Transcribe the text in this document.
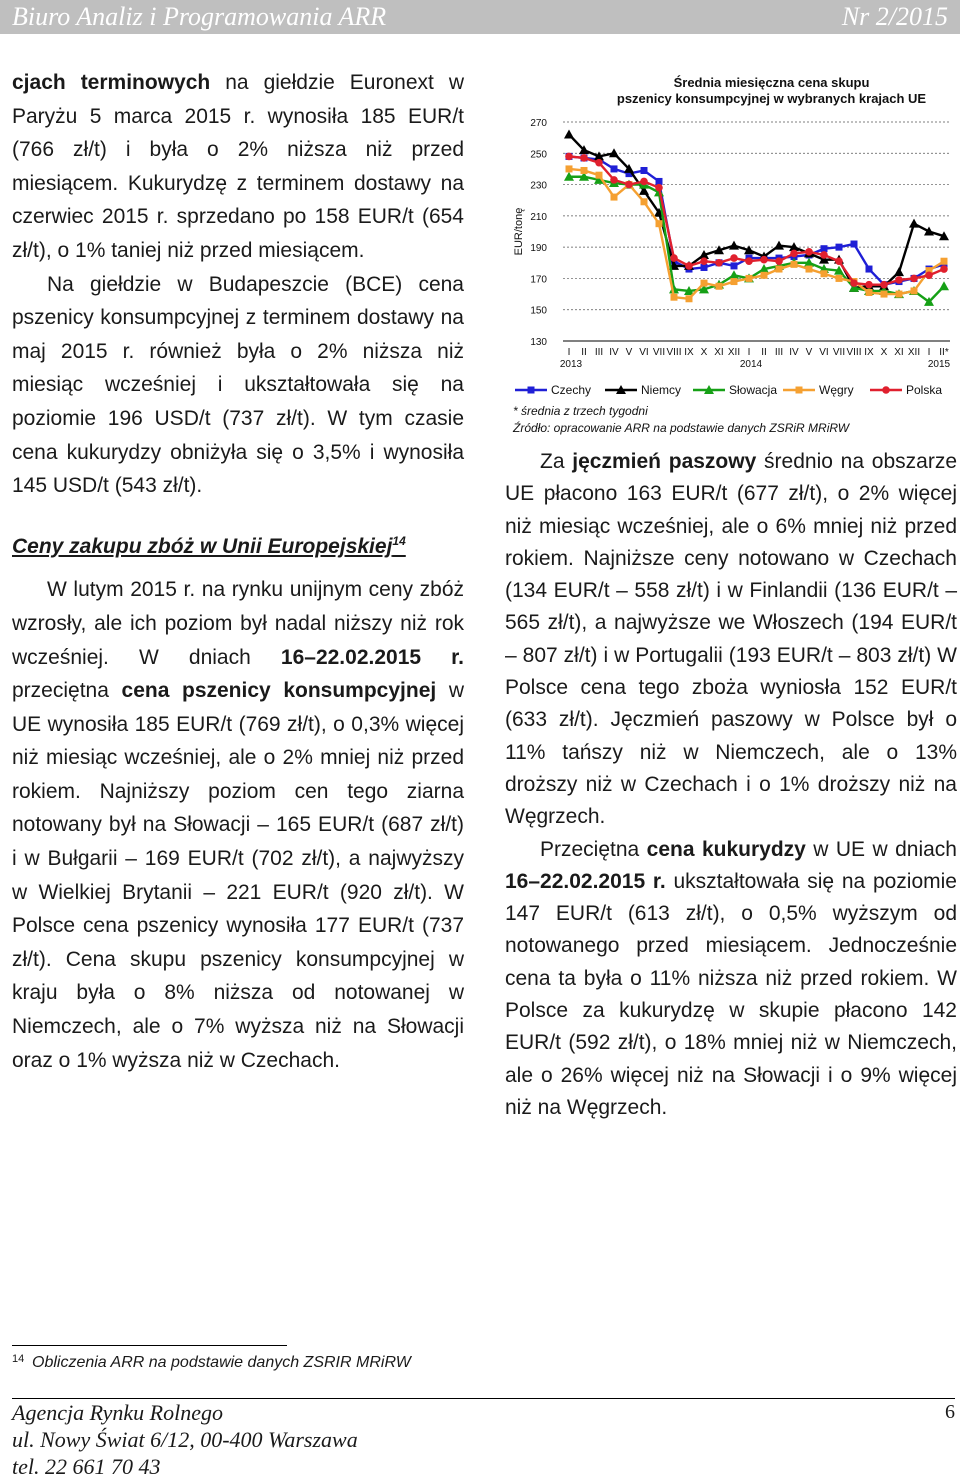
Biuro Analiz i Programowania ARR	Nr 2/2015

cjach terminowych na giełdzie Euronext w Paryżu 5 marca 2015 r. wynosiła 185 EUR/t (766 zł/t) i była o 2% niższa niż przed miesiącem. Kukurydzę z terminem dostawy na czerwiec 2015 r. sprzedano po 158 EUR/t (654 zł/t), o 1% taniej niż przed miesiącem.

Na giełdzie w Budapeszcie (BCE) cena pszenicy konsumpcyjnej z terminem dostawy na maj 2015 r. również była o 2% niższa niż miesiąc wcześniej i ukształtowała się na poziomie 196 USD/t (737 zł/t). W tym czasie cena kukurydzy obniżyła się o 3,5% i wynosiła 145 USD/t (543 zł/t).

Ceny zakupu zbóż w Unii Europejskiej$^{14}$

W lutym 2015 r. na rynku unijnym ceny zbóż wzrosły, ale ich poziom był nadal niższy niż rok wcześniej. W dniach 16–22.02.2015 r. przeciętna cena pszenicy konsumpcyjnej w UE wynosiła 185 EUR/t (769 zł/t), o 0,3% więcej niż miesiąc wcześniej, ale o 2% mniej niż przed rokiem. Najniższy poziom cen tego ziarna notowany był na Słowacji – 165 EUR/t (687 zł/t) i w Bułgarii – 169 EUR/t (702 zł/t), a najwyższy w Wielkiej Brytanii – 221 EUR/t (920 zł/t). W Polsce cena pszenicy wynosiła 177 EUR/t (737 zł/t). Cena skupu pszenicy konsumpcyjnej w kraju była o 8% niższa od notowanej w Niemczech, ale o 7% wyższa niż na Słowacji oraz o 1% wyższa niż w Czechach.

Średnia miesięczna cena skupu
pszenicy konsumpcyjnej w wybranych krajach UE
EUR/tonę
130
150
170
190
210
230
250
270
I II III IV V VI VII VIII IX X XI XII I II III IV V VI VII VIII IX X XI XII I II*
2013	2014	2015
Czechy	Niemcy	Słowacja	Węgry	Polska
* średnia z trzech tygodni
Źródło: opracowanie ARR na podstawie danych ZSRiR MRiRW

Za jęczmień paszowy średnio na obszarze UE płacono 163 EUR/t (677 zł/t), o 2% więcej niż miesiąc wcześniej, ale o 6% mniej niż przed rokiem. Najniższe ceny notowano w Czechach (134 EUR/t – 558 zł/t) i w Finlandii (136 EUR/t – 565 zł/t), a najwyższe we Włoszech (194 EUR/t – 807 zł/t) i w Portugalii (193 EUR/t – 803 zł/t) W Polsce cena tego zboża wyniosła 152 EUR/t (633 zł/t). Jęczmień paszowy w Polsce był o 11% tańszy niż w Niemczech, ale o 13% droższy niż w Czechach i o 1% droższy niż na Węgrzech.

Przeciętna cena kukurydzy w UE w dniach 16–22.02.2015 r. ukształtowała się na poziomie 147 EUR/t (613 zł/t), o 0,5% wyższym od notowanego przed miesiącem. Jednocześnie cena ta była o 11% niższa niż przed rokiem. W Polsce za kukurydzę w skupie płacono 142 EUR/t (592 zł/t), o 18% mniej niż w Niemczech, ale o 26% więcej niż na Słowacji i o 9% więcej niż na Węgrzech.

14 Obliczenia ARR na podstawie danych ZSRIR MRiRW
Agencja Rynku Rolnego
ul. Nowy Świat 6/12, 00-400 Warszawa
tel. 22 661 70 43
6
